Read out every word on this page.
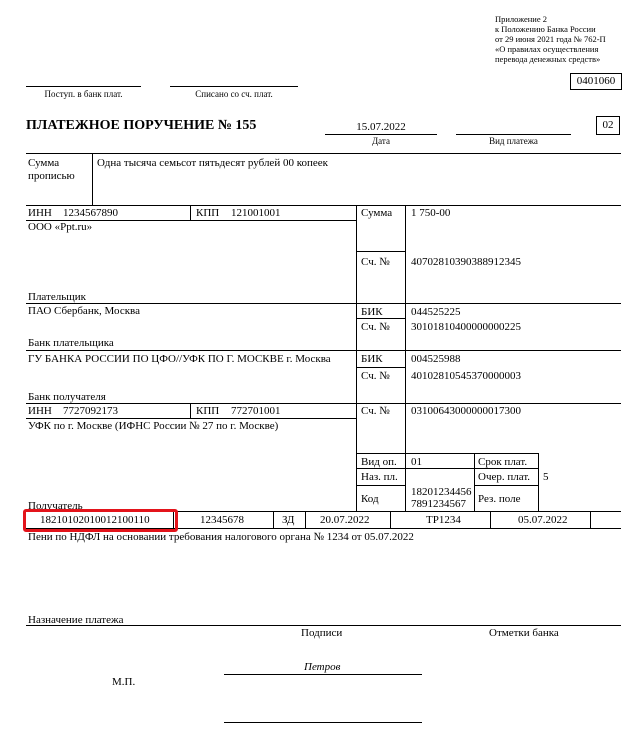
Приложение 2
к Положению Банка России
от 29 июня 2021 года № 762-П
«О правилах осуществления
перевода денежных средств»
0401060
Поступ. в банк плат.	Списано со сч. плат.
ПЛАТЕЖНОЕ ПОРУЧЕНИЕ № 155	15.07.2022
Дата	Вид платежа
02
Сумма прописью
Одна тысяча семьсот пятьдесят рублей 00 копеек
ИНН 1234567890	КПП 121001001
ООО «Ppt.ru»
Сумма 1 750-00
Сч. № 40702810390388912345
Плательщик
ПАО Сбербанк, Москва	БИК	044525225
Сч. № 30101810400000000225
Банк плательщика
ГУ БАНКА РОССИИ ПО ЦФО//УФК ПО Г. МОСКВЕ г. Москва	БИК	004525988
Сч. № 40102810545370000003
Банк получателя
ИНН 7727092173	КПП 772701001
УФК по г. Москве (ИФНС России № 27 по г. Москве)
Сч. № 03100643000000017300
Вид оп. 01	Срок плат.
Наз. пл.	Очер. плат. 5
Код
18201234456
7891234567	Рез. поле
Получатель
18210102010012100110	12345678	ЗД 20.07.2022	ТР1234	05.07.2022
Пени по НДФЛ на основании требования налогового органа № 1234 от 05.07.2022
Назначение платежа
Подписи	Отметки банка
Петров
М.П.
